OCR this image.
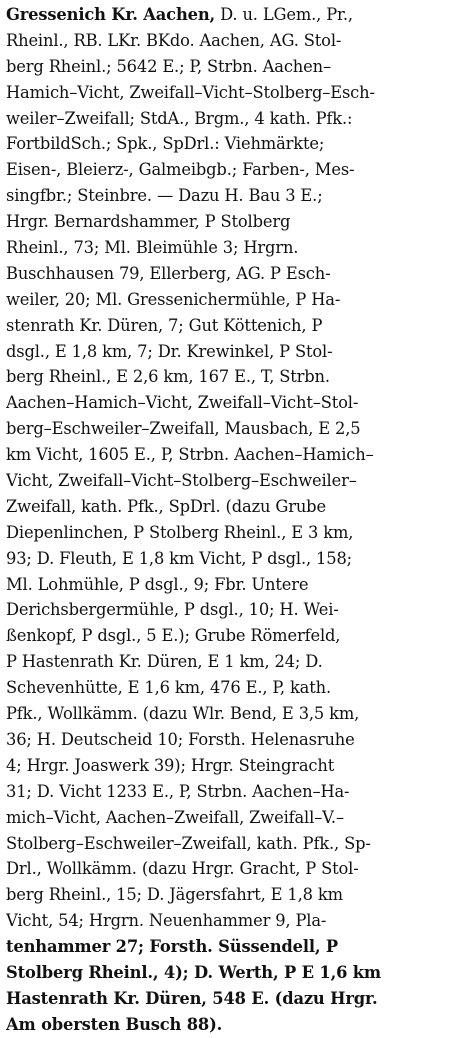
Gressenich Kr. Aachen, D. u. LGem., Pr.,
Rheinl., RB. LKr. BKdo. Aachen, AG. Stol-
berg Rheinl.; 5642 E.; P, Strbn. Aachen–
Hamich–Vicht, Zweifall–Vicht–Stolberg–Esch-
weiler–Zweifall; StdA., Brgm., 4 kath. Pfk.:
FortbildSch.; Spk., SpDrl.: Viehmärkte;
Eisen-, Bleierz-, Galmeibgb.; Farben-, Mes-
singfbr.; Steinbre. — Dazu H. Bau 3 E.;
Hrgr. Bernardshammer, P Stolberg
Rheinl., 73; Ml. Bleimühle 3; Hrgrn.
Buschhausen 79, Ellerberg, AG. P Esch-
weiler, 20; Ml. Gressenichermühle, P Ha-
stenrath Kr. Düren, 7; Gut Köttenich, P
dsgl., E 1,8 km, 7; Dr. Krewinkel, P Stol-
berg Rheinl., E 2,6 km, 167 E., T, Strbn.
Aachen–Hamich–Vicht, Zweifall–Vicht–Stol-
berg–Eschweiler–Zweifall, Mausbach, E 2,5
km Vicht, 1605 E., P, Strbn. Aachen–Hamich–
Vicht, Zweifall–Vicht–Stolberg–Eschweiler–
Zweifall, kath. Pfk., SpDrl. (dazu Grube
Diepenlinchen, P Stolberg Rheinl., E 3 km,
93; D. Fleuth, E 1,8 km Vicht, P dsgl., 158;
Ml. Lohmühle, P dsgl., 9; Fbr. Untere
Derichsbergermühle, P dsgl., 10; H. Wei-
ßenkopf, P dsgl., 5 E.); Grube Römerfeld,
P Hastenrath Kr. Düren, E 1 km, 24; D.
Schevenhütte, E 1,6 km, 476 E., P, kath.
Pfk., Wollkämm. (dazu Wlr. Bend, E 3,5 km,
36; H. Deutscheid 10; Forsth. Helenasruhe
4; Hrgr. Joaswerk 39); Hrgr. Steingracht
31; D. Vicht 1233 E., P, Strbn. Aachen–Ha-
mich–Vicht, Aachen–Zweifall, Zweifall–V.–
Stolberg–Eschweiler–Zweifall, kath. Pfk., Sp-
Drl., Wollkämm. (dazu Hrgr. Gracht, P Stol-
berg Rheinl., 15; D. Jägersfahrt, E 1,8 km
Vicht, 54; Hrgrn. Neuenhammer 9, Pla-
tenhammer 27; Forsth. Süssendell, P
Stolberg Rheinl., 4); D. Werth, P E 1,6 km
Hastenrath Kr. Düren, 548 E. (dazu Hrgr.
Am obersten Busch 88).
